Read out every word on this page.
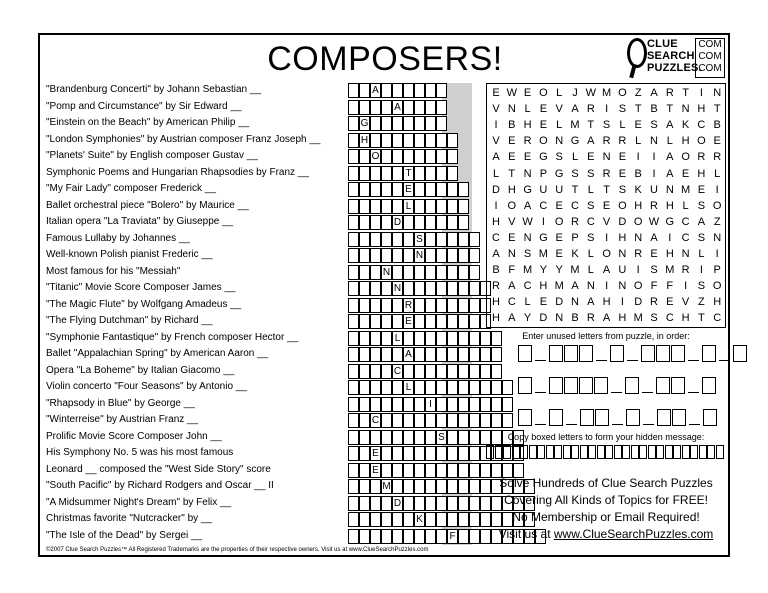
COMPOSERS!	CLUE
SEARCH
PUZZLES.
COM
COM
COM
"Brandenburg Concerti" by Johann Sebastian __
"Pomp and Circumstance" by Sir Edward __
"Einstein on the Beach" by American Philip __
"London Symphonies" by Austrian composer Franz Joseph __
"Planets' Suite" by English composer Gustav __
Symphonic Poems and Hungarian Rhapsodies by Franz __
"My Fair Lady" composer Frederick __
Ballet orchestral piece "Bolero" by Maurice __
Italian opera "La Traviata" by Giuseppe __
Famous Lullaby by Johannes __
Well-known Polish pianist Frederic __
Most famous for his "Messiah"
"Titanic" Movie Score Composer James __
"The Magic Flute" by Wolfgang Amadeus __
"The Flying Dutchman" by Richard __
"Symphonie Fantastique" by French composer Hector __
Ballet "Appalachian Spring" by American Aaron __
Opera "La Boheme" by Italian Giacomo __
Violin concerto "Four Seasons" by Antonio __
"Rhapsody in Blue" by George __
"Winterreise" by Austrian Franz __
Prolific Movie Score Composer John __
His Symphony No. 5 was his most famous
Leonard __ composed the "West Side Story" score
"South Pacific" by Richard Rodgers and Oscar __ II
"A Midsummer Night's Dream" by Felix __
Christmas favorite "Nutcracker" by __
"The Isle of the Dead" by Sergei __
A
A
G
H
O
T
E
L
D
S
N
N
N
R
E
L
A
C
L
I
C
S
E
E
M
D
K
F
E W E O L J W M O Z A R T I N
V N L E V A R I S T B T N H T
I B H E L M T S L E S A K C B
V E R O N G A R R L N L H O E
A E E G S L E N E I	I A O R R
L T N P G S S R E B I A E H L
D H G U U T L T S K U N M E I
I O A C E C S E O H R H L S O
H V W I O R C V D O W G C A Z
C E N G E P S I H N A I C S N
A N S M E K L O N R E H N L	I
B F M Y Y M L A U I S M R I P
R A C H M A N I N O F F I S O
H C L E D N A H I D R E V Z H
H A Y D N B R A H M S C H T C
Enter unused letters from puzzle, in order:
Copy boxed letters to form your hidden message:
Solve Hundreds of Clue Search Puzzles
Covering All Kinds of Topics for FREE!
No Membership or Email Required!
Visit us at www.ClueSearchPuzzles.com
©2007 Clue Search Puzzles™ All Registered Trademarks are the properties of their respective owners. Visit us at www.ClueSearchPuzzles.com
